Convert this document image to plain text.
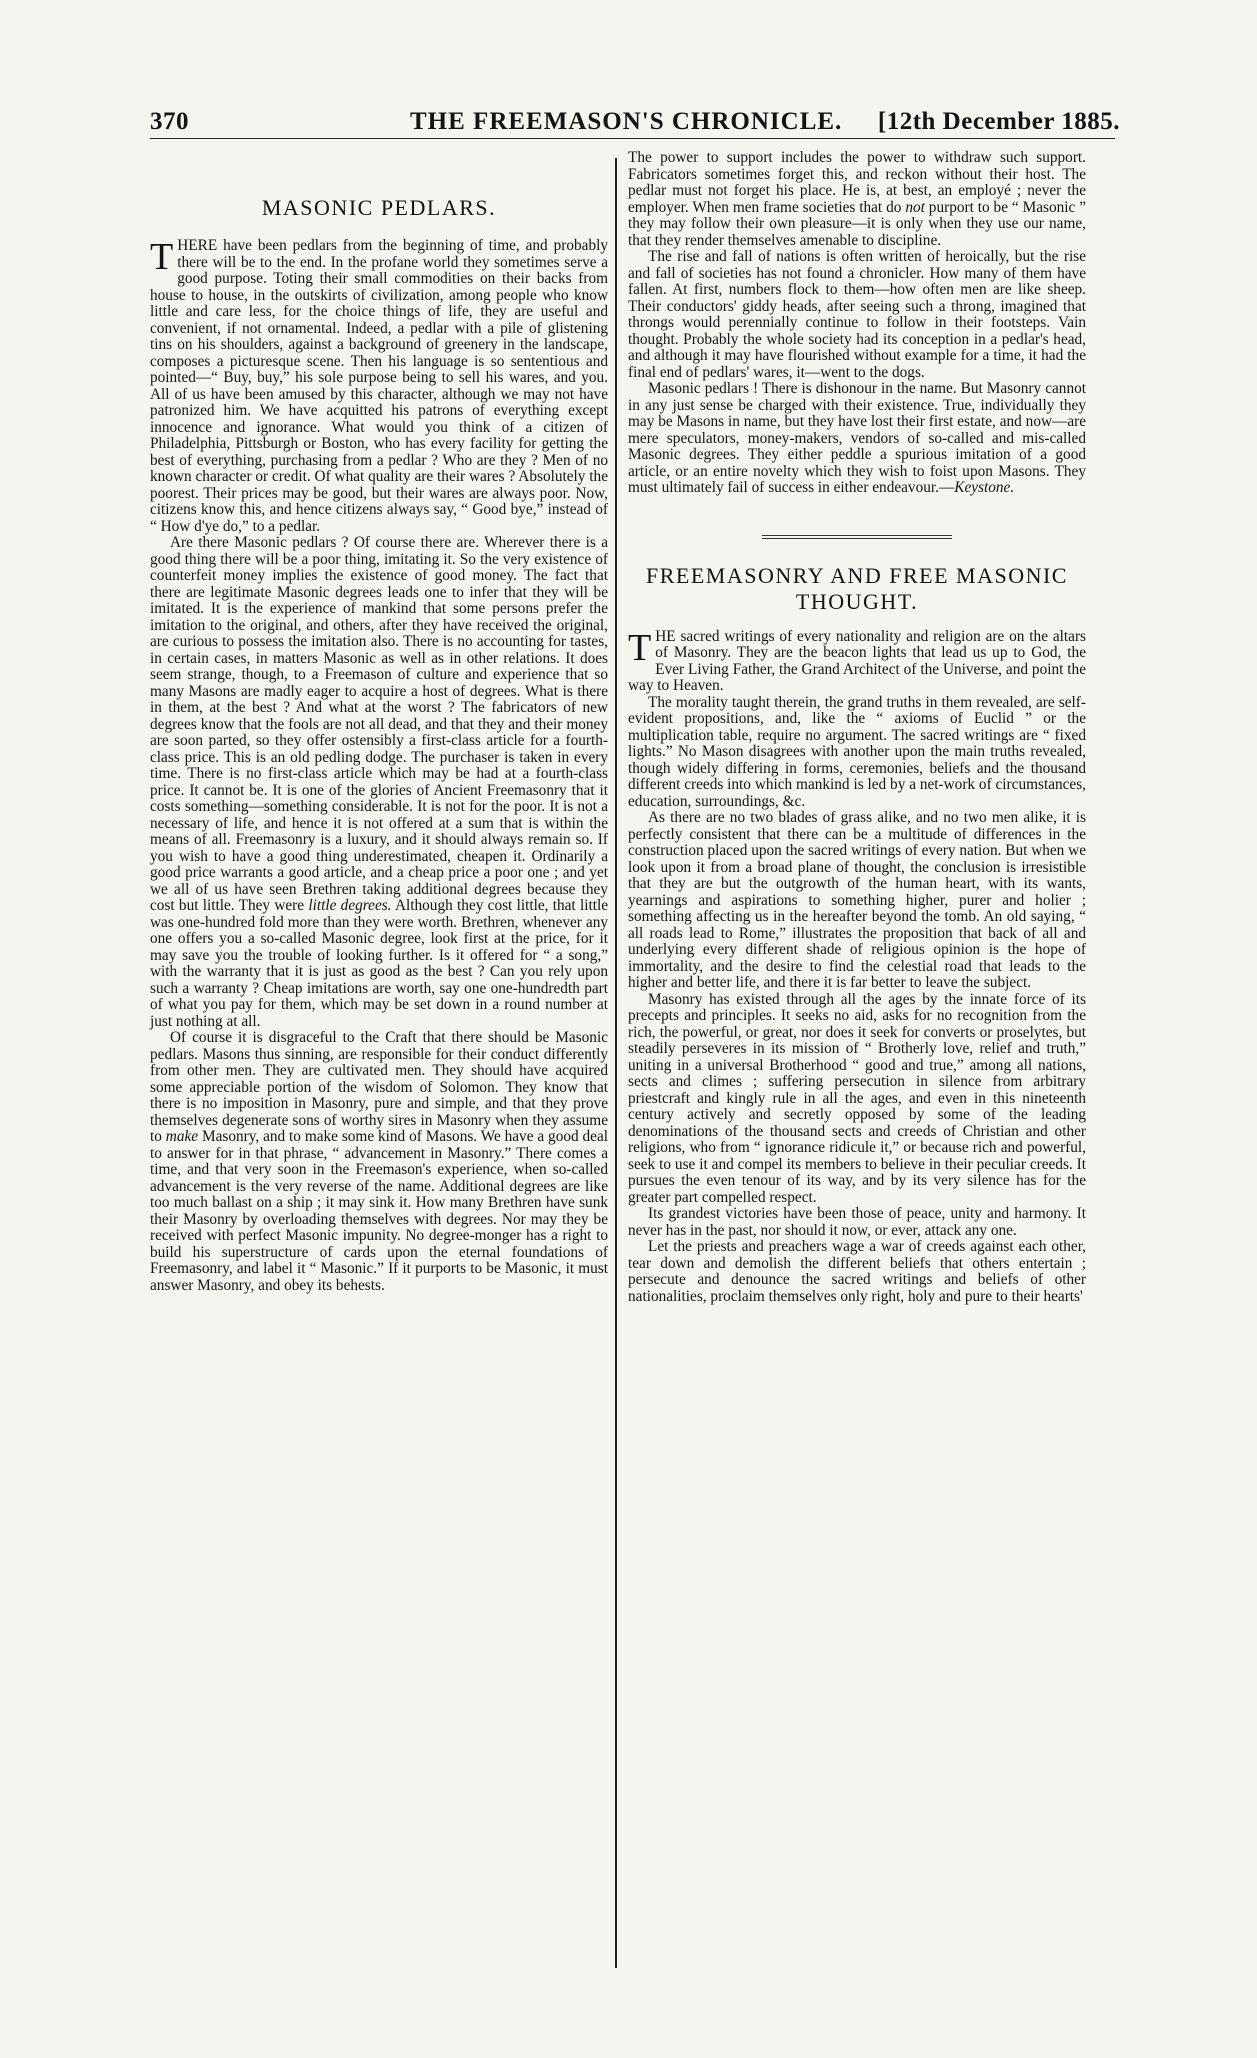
370	THE FREEMASON'S CHRONICLE. [12th December 1885.
MASONIC PEDLARS.

THERE have been pedlars from the beginning of time, and probably there will be to the end. In the profane world they sometimes serve a good purpose. Toting their small commodities on their backs from house to house, in the outskirts of civilization, among people who know little and care less, for the choice things of life, they are useful and convenient, if not ornamental. Indeed, a pedlar with a pile of glistening tins on his shoulders, against a background of greenery in the landscape, composes a picturesque scene. Then his language is so sententious and pointed—“ Buy, buy,” his sole purpose being to sell his wares, and you. All of us have been amused by this character, although we may not have patronized him. We have acquitted his patrons of everything except innocence and ignorance. What would you think of a citizen of Philadelphia, Pittsburgh or Boston, who has every facility for getting the best of everything, purchasing from a pedlar ? Who are they ? Men of no known character or credit. Of what quality are their wares ? Absolutely the poorest. Their prices may be good, but their wares are always poor. Now, citizens know this, and hence citizens always say, “ Good bye,” instead of “ How d'ye do,” to a pedlar.

Are there Masonic pedlars ? Of course there are. Wherever there is a good thing there will be a poor thing, imitating it. So the very existence of counterfeit money implies the existence of good money. The fact that there are legitimate Masonic degrees leads one to infer that they will be imitated. It is the experience of mankind that some persons prefer the imitation to the original, and others, after they have received the original, are curious to possess the imitation also. There is no accounting for tastes, in certain cases, in matters Masonic as well as in other relations. It does seem strange, though, to a Freemason of culture and experience that so many Masons are madly eager to acquire a host of degrees. What is there in them, at the best ? And what at the worst ? The fabricators of new degrees know that the fools are not all dead, and that they and their money are soon parted, so they offer ostensibly a first-class article for a fourth-class price. This is an old pedling dodge. The purchaser is taken in every time. There is no first-class article which may be had at a fourth-class price. It cannot be. It is one of the glories of Ancient Freemasonry that it costs something—something considerable. It is not for the poor. It is not a necessary of life, and hence it is not offered at a sum that is within the means of all. Freemasonry is a luxury, and it should always remain so. If you wish to have a good thing underestimated, cheapen it. Ordinarily a good price warrants a good article, and a cheap price a poor one ; and yet we all of us have seen Brethren taking additional degrees because they cost but little. They were little degrees. Although they cost little, that little was one-hundred fold more than they were worth. Brethren, whenever any one offers you a so-called Masonic degree, look first at the price, for it may save you the trouble of looking further. Is it offered for “ a song,” with the warranty that it is just as good as the best ? Can you rely upon such a warranty ? Cheap imitations are worth, say one one-hundredth part of what you pay for them, which may be set down in a round number at just nothing at all.

Of course it is disgraceful to the Craft that there should be Masonic pedlars. Masons thus sinning, are responsible for their conduct differently from other men. They are cultivated men. They should have acquired some appreciable portion of the wisdom of Solomon. They know that there is no imposition in Masonry, pure and simple, and that they prove themselves degenerate sons of worthy sires in Masonry when they assume to make Masonry, and to make some kind of Masons. We have a good deal to answer for in that phrase, “ advancement in Masonry.” There comes a time, and that very soon in the Freemason's experience, when so-called advancement is the very reverse of the name. Additional degrees are like too much ballast on a ship ; it may sink it. How many Brethren have sunk their Masonry by overloading themselves with degrees. Nor may they be received with perfect Masonic impunity. No degree-monger has a right to build his superstructure of cards upon the eternal foundations of Freemasonry, and label it “ Masonic.” If it purports to be Masonic, it must answer Masonry, and obey its behests.

The power to support includes the power to withdraw such support. Fabricators sometimes forget this, and reckon without their host. The pedlar must not forget his place. He is, at best, an employé ; never the employer. When men frame societies that do not purport to be “ Masonic ” they may follow their own pleasure—it is only when they use our name, that they render themselves amenable to discipline.

The rise and fall of nations is often written of heroically, but the rise and fall of societies has not found a chronicler. How many of them have fallen. At first, numbers flock to them—how often men are like sheep. Their conductors' giddy heads, after seeing such a throng, imagined that throngs would perennially continue to follow in their footsteps. Vain thought. Probably the whole society had its conception in a pedlar's head, and although it may have flourished without example for a time, it had the final end of pedlars' wares, it—went to the dogs.

Masonic pedlars ! There is dishonour in the name. But Masonry cannot in any just sense be charged with their existence. True, individually they may be Masons in name, but they have lost their first estate, and now—are mere speculators, money-makers, vendors of so-called and mis-called Masonic degrees. They either peddle a spurious imitation of a good article, or an entire novelty which they wish to foist upon Masons. They must ultimately fail of success in either endeavour.—Keystone.

FREEMASONRY AND FREE MASONIC
THOUGHT.

THE sacred writings of every nationality and religion are on the altars of Masonry. They are the beacon lights that lead us up to God, the Ever Living Father, the Grand Architect of the Universe, and point the way to Heaven.

The morality taught therein, the grand truths in them revealed, are self-evident propositions, and, like the “ axioms of Euclid ” or the multiplication table, require no argument. The sacred writings are “ fixed lights.” No Mason disagrees with another upon the main truths revealed, though widely differing in forms, ceremonies, beliefs and the thousand different creeds into which mankind is led by a net-work of circumstances, education, surroundings, &c.

As there are no two blades of grass alike, and no two men alike, it is perfectly consistent that there can be a multitude of differences in the construction placed upon the sacred writings of every nation. But when we look upon it from a broad plane of thought, the conclusion is irresistible that they are but the outgrowth of the human heart, with its wants, yearnings and aspirations to something higher, purer and holier ; something affecting us in the hereafter beyond the tomb. An old saying, “ all roads lead to Rome,” illustrates the proposition that back of all and underlying every different shade of religious opinion is the hope of immortality, and the desire to find the celestial road that leads to the higher and better life, and there it is far better to leave the subject.

Masonry has existed through all the ages by the innate force of its precepts and principles. It seeks no aid, asks for no recognition from the rich, the powerful, or great, nor does it seek for converts or proselytes, but steadily perseveres in its mission of “ Brotherly love, relief and truth,” uniting in a universal Brotherhood “ good and true,” among all nations, sects and climes ; suffering persecution in silence from arbitrary priestcraft and kingly rule in all the ages, and even in this nineteenth century actively and secretly opposed by some of the leading denominations of the thousand sects and creeds of Christian and other religions, who from “ ignorance ridicule it,” or because rich and powerful, seek to use it and compel its members to believe in their peculiar creeds. It pursues the even tenour of its way, and by its very silence has for the greater part compelled respect.

Its grandest victories have been those of peace, unity and harmony. It never has in the past, nor should it now, or ever, attack any one.

Let the priests and preachers wage a war of creeds against each other, tear down and demolish the different beliefs that others entertain ; persecute and denounce the sacred writings and beliefs of other nationalities, proclaim themselves only right, holy and pure to their hearts'
